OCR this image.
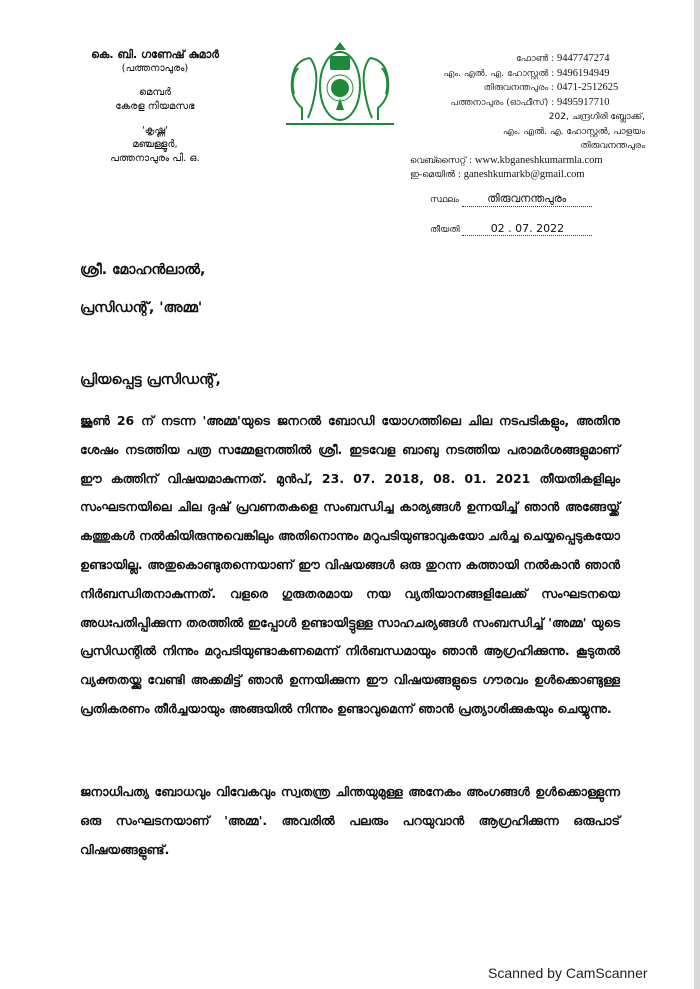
കെ. ബി. ഗണേഷ് കുമാർ
(പത്തനാപുരം)
മെമ്പർ
കേരള നിയമസഭ
'കൃഷ്ണ'
മഞ്ചള്ളൂർ,
പത്തനാപുരം പി. ഒ.
ഫോൺ :
9447747274
എം. എൽ. എ. ഹോസ്റ്റൽ :
9496194949
തിരുവനന്തപുരം :
0471-2512625
പത്തനാപുരം (ഓഫീസ്) :
9495917710
202, ചന്ദ്രഗിരി ബ്ലോക്ക്,
എം. എൽ. എ. ഹോസ്റ്റൽ, പാളയം
തിരുവനന്തപുരം
വെബ്സൈറ്റ് : www.kbganeshkumarmla.com
ഇ-മെയിൽ : ganeshkumarkb@gmail.com
സ്ഥലം	തിരുവനന്തപുരം
തീയതി	02 . 07. 2022
ശ്രീ. മോഹൻലാൽ,
പ്രസിഡന്റ്, 'അമ്മ'
പ്രിയപ്പെട്ട പ്രസിഡന്റ്,

ജൂൺ 26 ന് നടന്ന 'അമ്മ'യുടെ ജനറൽ ബോഡി യോഗത്തിലെ ചില നടപടികളും, അതിനു ശേഷം നടത്തിയ പത്ര സമ്മേളനത്തിൽ ശ്രീ. ഇടവേള ബാബു നടത്തിയ പരാമർശങ്ങളുമാണ് ഈ കത്തിന് വിഷയമാകുന്നത്. മുൻപ്, 23. 07. 2018, 08. 01. 2021 തീയതികളിലും സംഘടനയിലെ ചില ദുഷ് പ്രവണതകളെ സംബന്ധിച്ച കാര്യങ്ങൾ ഉന്നയിച്ച് ഞാൻ അങ്ങേയ്ക്ക് കത്തുകൾ നൽകിയിരുന്നുവെങ്കിലും അതിനൊന്നും മറുപടിയുണ്ടാവുകയോ ചർച്ച ചെയ്യപ്പെടുകയോ ഉണ്ടായില്ല. അതുകൊണ്ടുതന്നെയാണ് ഈ വിഷയങ്ങൾ ഒരു തുറന്ന കത്തായി നൽകാൻ ഞാൻ നിർബന്ധിതനാകുന്നത്. വളരെ ഗുരുതരമായ നയ വ്യതിയാനങ്ങളിലേക്ക് സംഘടനയെ അധഃപതിപ്പിക്കുന്ന തരത്തിൽ ഇപ്പോൾ ഉണ്ടായിട്ടുള്ള സാഹചര്യങ്ങൾ സംബന്ധിച്ച് 'അമ്മ' യുടെ പ്രസിഡന്റിൽ നിന്നും മറുപടിയുണ്ടാകണമെന്ന് നിർബന്ധമായും ഞാൻ ആഗ്രഹിക്കുന്നു. കൂടുതൽ വ്യക്തതയ്ക്കു വേണ്ടി അക്കമിട്ട് ഞാൻ ഉന്നയിക്കുന്ന ഈ വിഷയങ്ങളുടെ ഗൗരവം ഉൾക്കൊണ്ടുള്ള പ്രതികരണം തീർച്ചയായും അങ്ങയിൽ നിന്നും ഉണ്ടാവുമെന്ന് ഞാൻ പ്രത്യാശിക്കുകയും ചെയ്യുന്നു.

ജനാധിപത്യ ബോധവും വിവേകവും സ്വതന്ത്ര ചിന്തയുമുള്ള അനേകം അംഗങ്ങൾ ഉൾക്കൊള്ളുന്ന ഒരു സംഘടനയാണ് 'അമ്മ'. അവരിൽ പലരും പറയുവാൻ ആഗ്രഹിക്കുന്ന ഒരുപാട് വിഷയങ്ങളുണ്ട്.

Scanned by CamScanner
